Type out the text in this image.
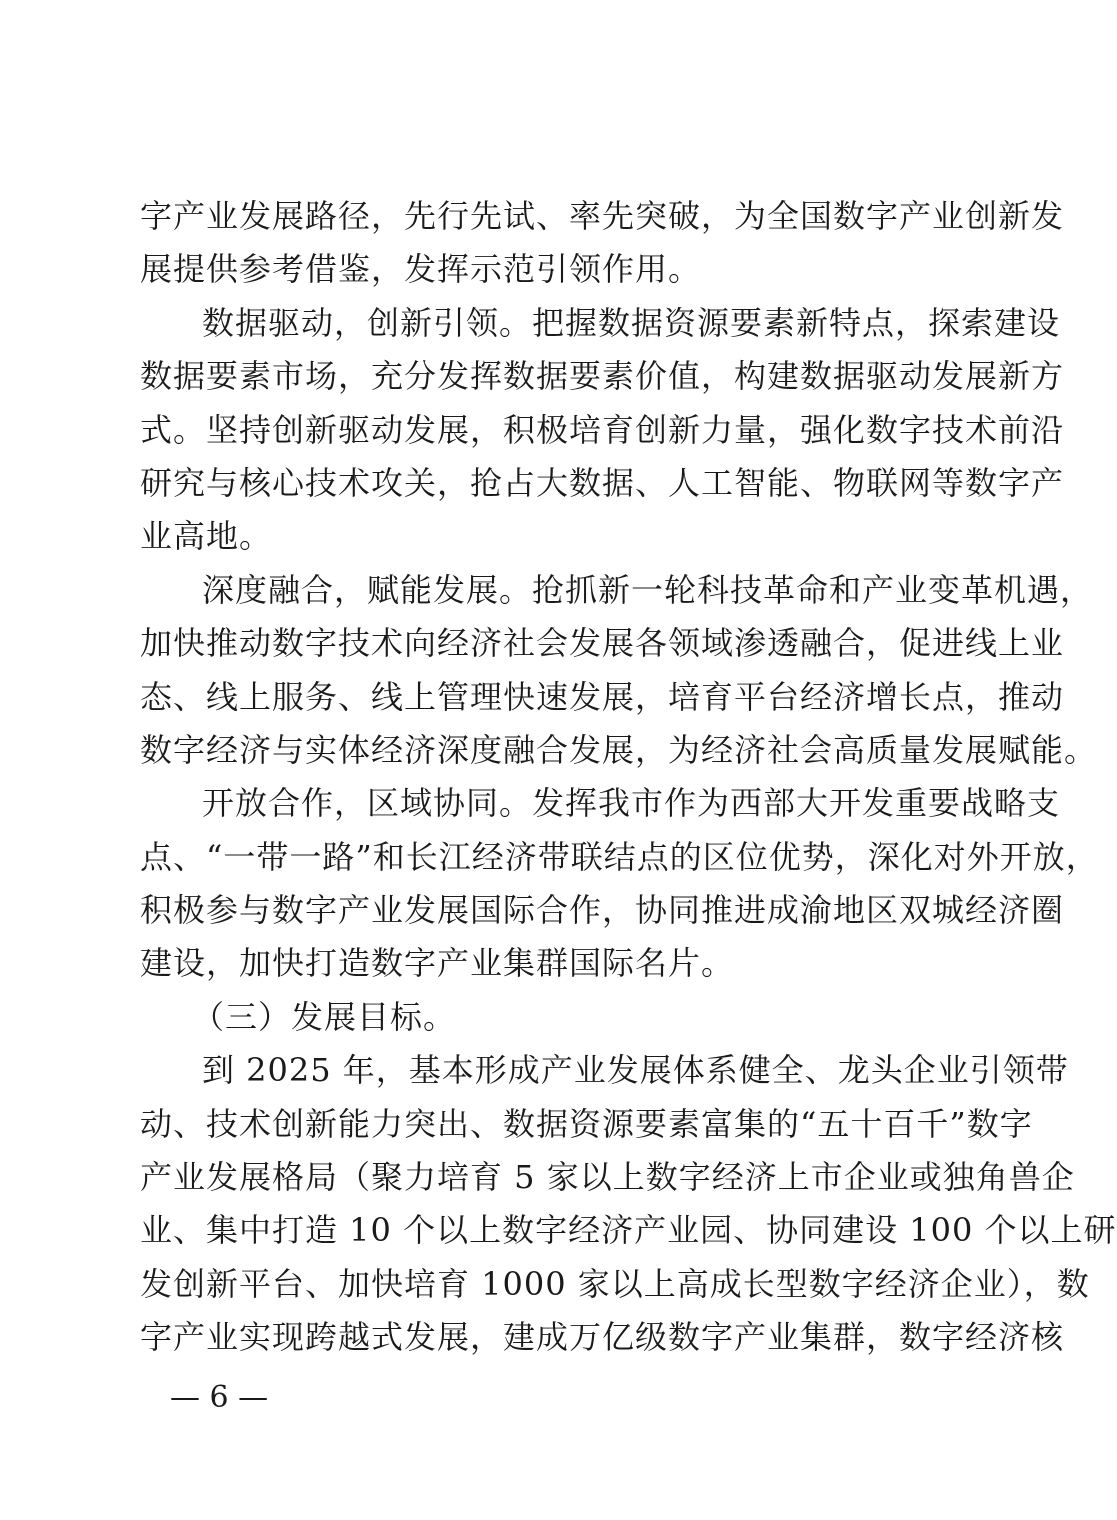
字产业发展路径，先行先试、率先突破，为全国数字产业创新发
展提供参考借鉴，发挥示范引领作用。
数据驱动，创新引领。把握数据资源要素新特点，探索建设
数据要素市场，充分发挥数据要素价值，构建数据驱动发展新方
式。坚持创新驱动发展，积极培育创新力量，强化数字技术前沿
研究与核心技术攻关，抢占大数据、人工智能、物联网等数字产
业高地。
深度融合，赋能发展。抢抓新一轮科技革命和产业变革机遇，
加快推动数字技术向经济社会发展各领域渗透融合，促进线上业
态、线上服务、线上管理快速发展，培育平台经济增长点，推动
数字经济与实体经济深度融合发展，为经济社会高质量发展赋能。
开放合作，区域协同。发挥我市作为西部大开发重要战略支
点、“一带一路”和长江经济带联结点的区位优势，深化对外开放，
积极参与数字产业发展国际合作，协同推进成渝地区双城经济圈
建设，加快打造数字产业集群国际名片。
（三）发展目标。
到 2025 年，基本形成产业发展体系健全、龙头企业引领带
动、技术创新能力突出、数据资源要素富集的“五十百千”数字
产业发展格局（聚力培育 5 家以上数字经济上市企业或独角兽企
业、集中打造 10 个以上数字经济产业园、协同建设 100 个以上研
发创新平台、加快培育 1000 家以上高成长型数字经济企业），数
字产业实现跨越式发展，建成万亿级数字产业集群，数字经济核
— 6 —
